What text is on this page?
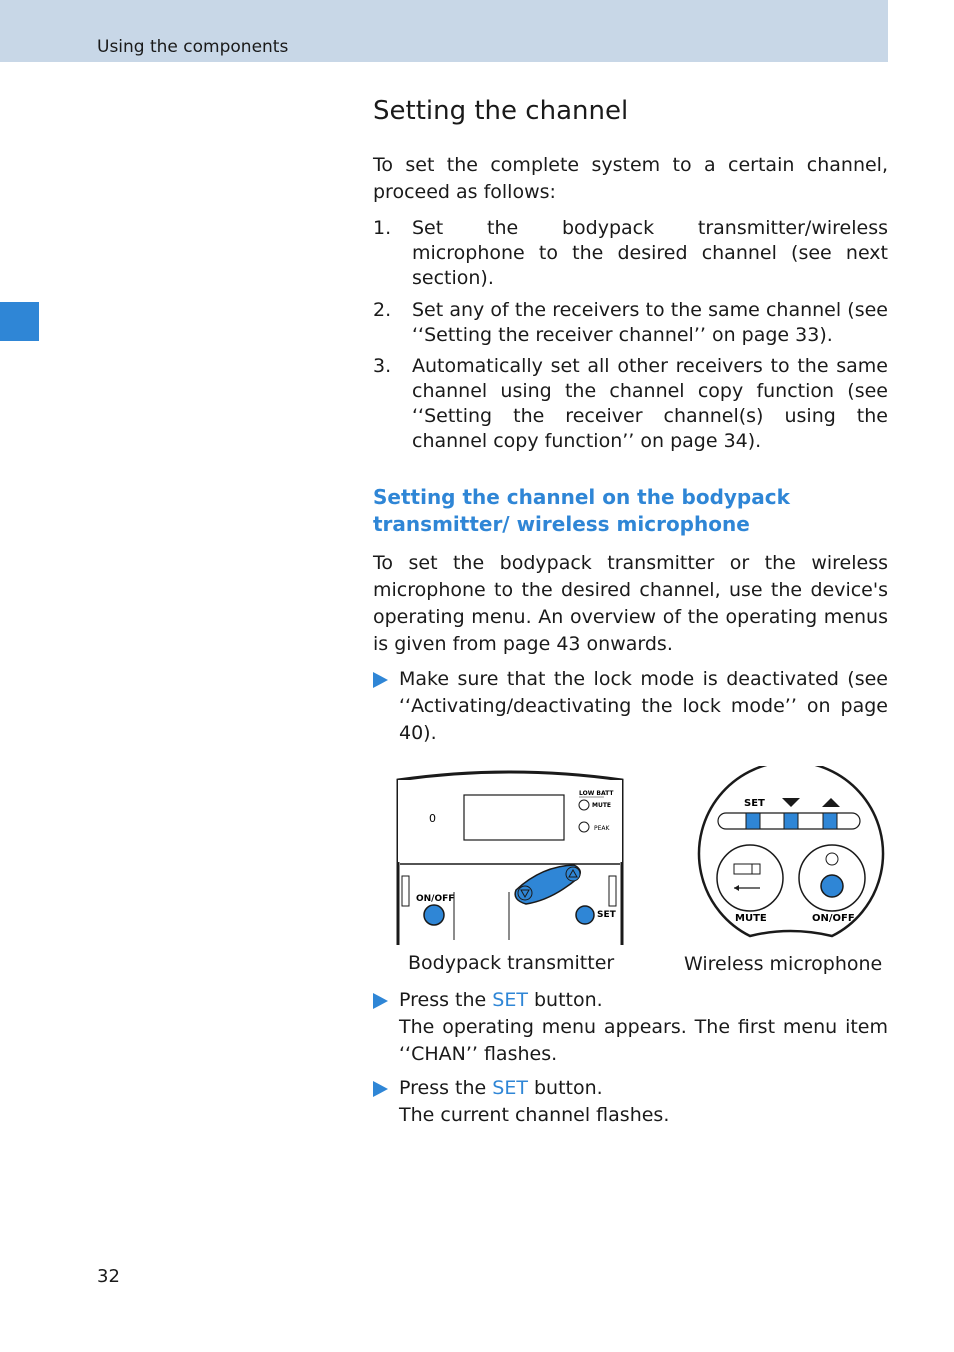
Using the components
Setting the channel

To set the complete system to a certain channel, proceed as follows:

1. Set the bodypack transmitter/wireless microphone to the desired channel (see next section).
2. Set any of the receivers to the same channel (see ‘‘Setting the receiver channel’’ on page 33).
3. Automatically set all other receivers to the same channel using the channel copy function (see ‘‘Setting the receiver channel(s) using the channel copy function’’ on page 34).
Setting the channel on the bodypack transmitter/ wireless microphone

To set the bodypack transmitter or the wireless microphone to the desired channel, use the device's operating menu. An overview of the operating menus is given from page 43 onwards.

Make sure that the lock mode is deactivated (see ‘‘Activating/deactivating the lock mode’’ on page 40).
0
LOW BATT
MUTE
PEAK
ON/OFF
SET
Bodypack transmitter
SET
MUTE	ON/OFF
Wireless microphone
Press the SET button.
The operating menu appears. The first menu item ‘‘CHAN’’ flashes.
Press the SET button.
The current channel flashes.
32
